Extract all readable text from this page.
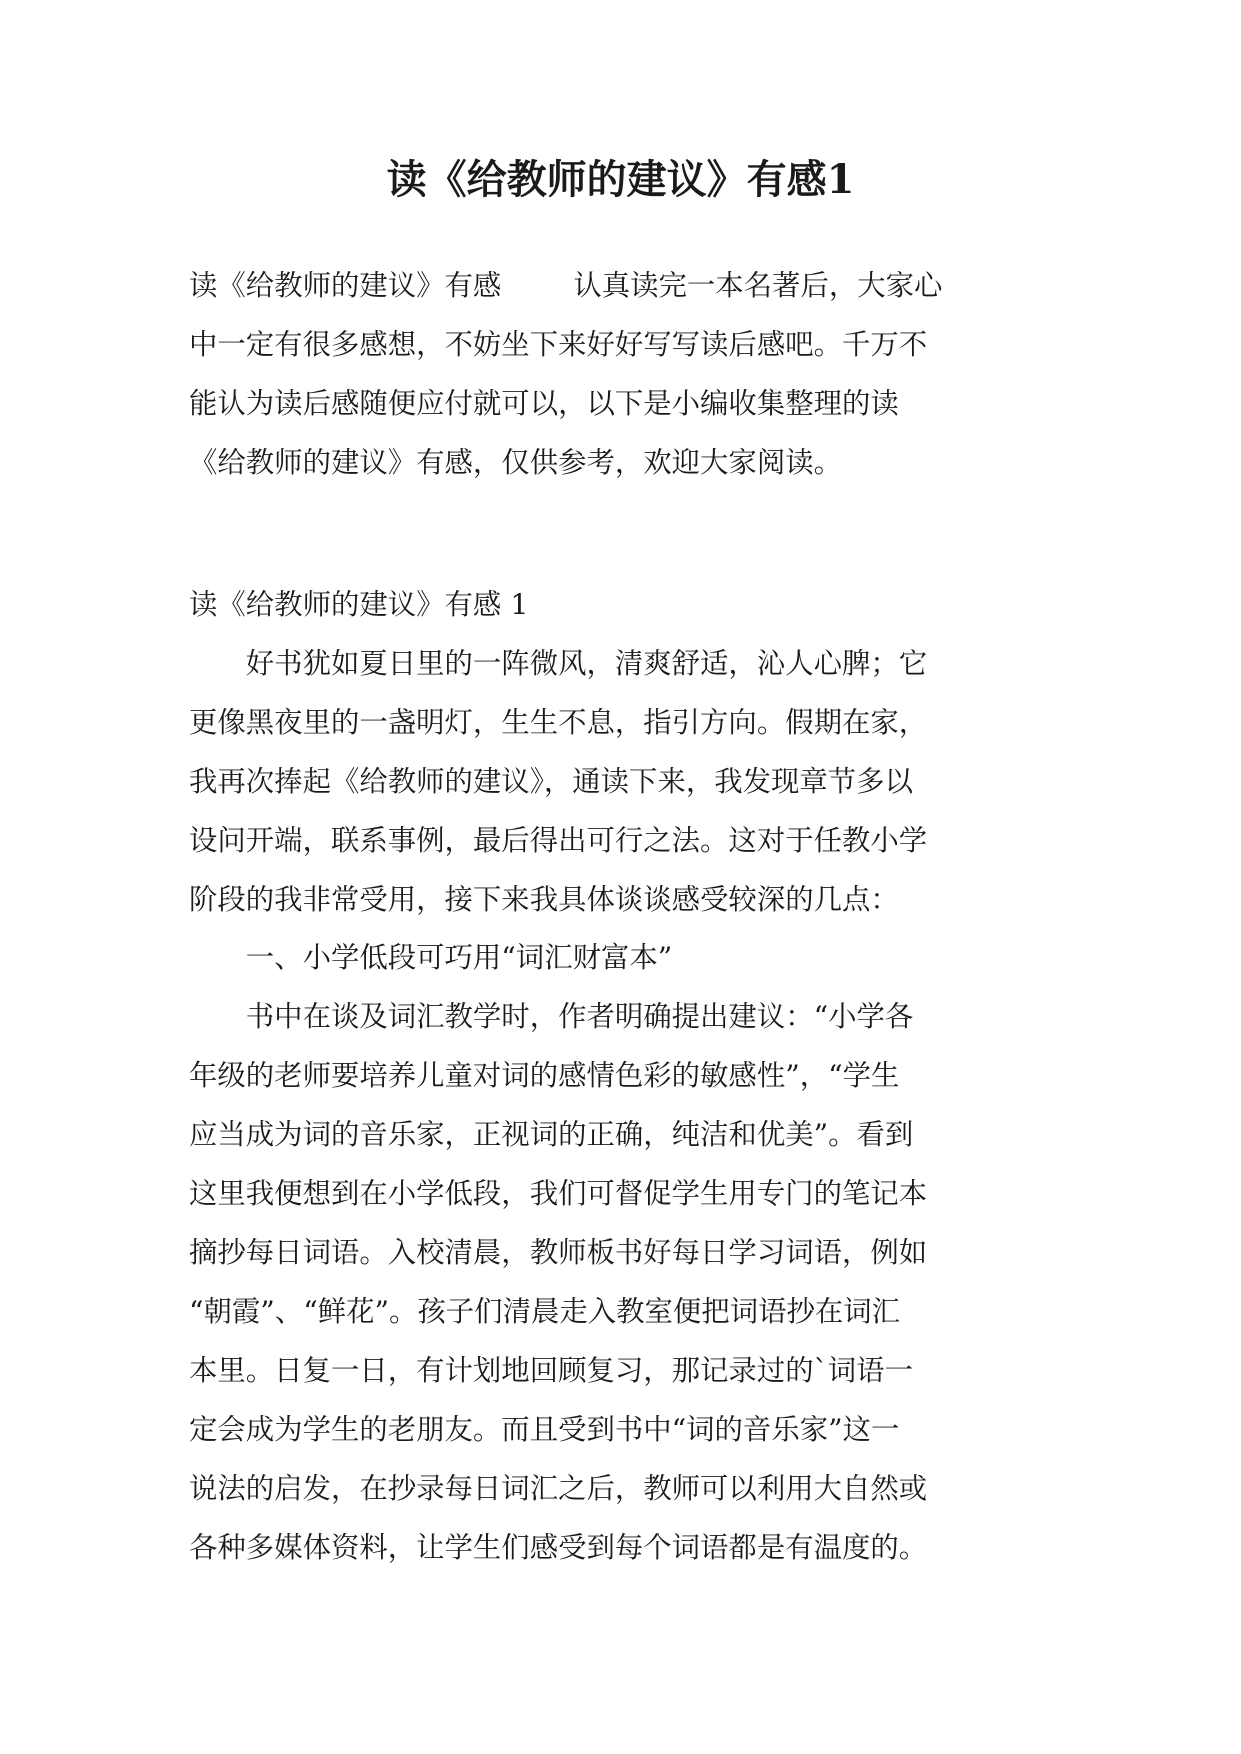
读《给教师的建议》有感1
读《给教师的建议》有感	认真读完一本名著后，大家心
中一定有很多感想，不妨坐下来好好写写读后感吧。千万不
能认为读后感随便应付就可以，以下是小编收集整理的读
《给教师的建议》有感，仅供参考，欢迎大家阅读。
读《给教师的建议》有感 1
　　好书犹如夏日里的一阵微风，清爽舒适，沁人心脾；它
更像黑夜里的一盏明灯，生生不息，指引方向。假期在家，
我再次捧起《给教师的建议》，通读下来，我发现章节多以
设问开端，联系事例，最后得出可行之法。这对于任教小学
阶段的我非常受用，接下来我具体谈谈感受较深的几点：
　　一、小学低段可巧用“词汇财富本”
　　书中在谈及词汇教学时，作者明确提出建议：“小学各
年级的老师要培养儿童对词的感情色彩的敏感性”，“学生
应当成为词的音乐家，正视词的正确，纯洁和优美”。看到
这里我便想到在小学低段，我们可督促学生用专门的笔记本
摘抄每日词语。入校清晨，教师板书好每日学习词语，例如
“朝霞”、“鲜花”。孩子们清晨走入教室便把词语抄在词汇
本里。日复一日，有计划地回顾复习，那记录过的`词语一
定会成为学生的老朋友。而且受到书中“词的音乐家”这一
说法的启发，在抄录每日词汇之后，教师可以利用大自然或
各种多媒体资料，让学生们感受到每个词语都是有温度的。
